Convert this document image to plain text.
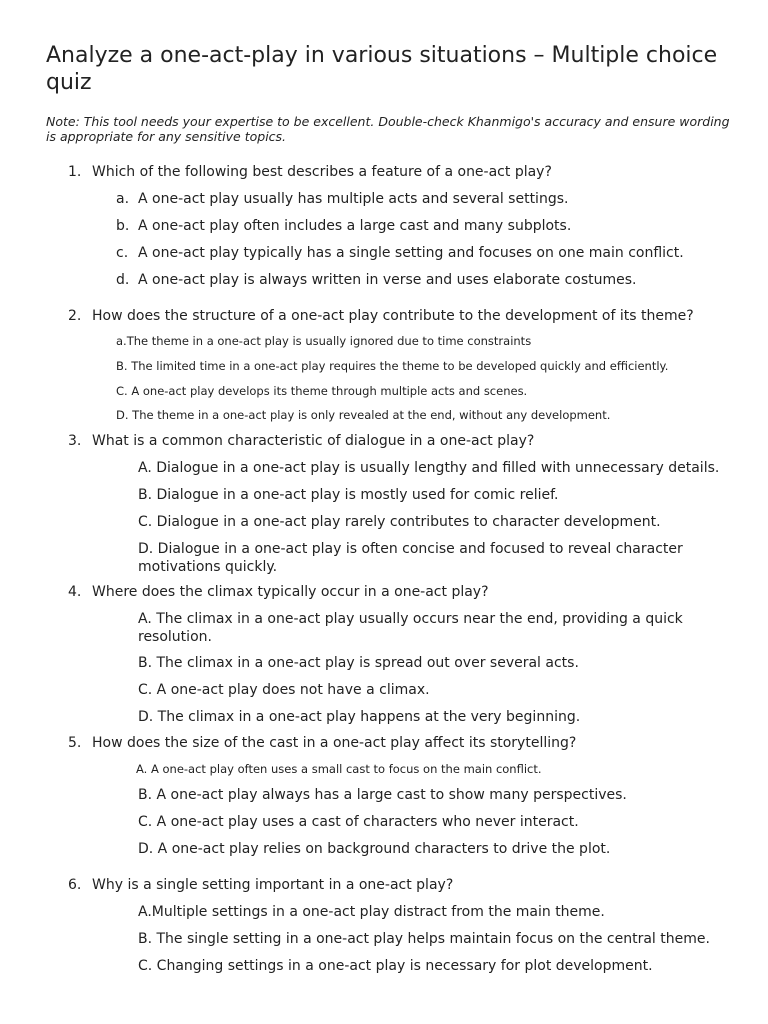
Analyze a one-act-play in various situations – Multiple choice quiz
Note: This tool needs your expertise to be excellent. Double-check Khanmigo's accuracy and ensure wording is appropriate for any sensitive topics.
1. Which of the following best describes a feature of a one-act play?
a. A one-act play usually has multiple acts and several settings.
b. A one-act play often includes a large cast and many subplots.
c. A one-act play typically has a single setting and focuses on one main conflict.
d. A one-act play is always written in verse and uses elaborate costumes.
2. How does the structure of a one-act play contribute to the development of its theme?
a.The theme in a one-act play is usually ignored due to time constraints
B. The limited time in a one-act play requires the theme to be developed quickly and efficiently.
C. A one-act play develops its theme through multiple acts and scenes.
D. The theme in a one-act play is only revealed at the end, without any development.
3. What is a common characteristic of dialogue in a one-act play?
A. Dialogue in a one-act play is usually lengthy and filled with unnecessary details.
B. Dialogue in a one-act play is mostly used for comic relief.
C. Dialogue in a one-act play rarely contributes to character development.
D. Dialogue in a one-act play is often concise and focused to reveal character motivations quickly.
4. Where does the climax typically occur in a one-act play?
A. The climax in a one-act play usually occurs near the end, providing a quick resolution.
B. The climax in a one-act play is spread out over several acts.
C. A one-act play does not have a climax.
D. The climax in a one-act play happens at the very beginning.
5. How does the size of the cast in a one-act play affect its storytelling?
A. A one-act play often uses a small cast to focus on the main conflict.
B. A one-act play always has a large cast to show many perspectives.
C. A one-act play uses a cast of characters who never interact.
D. A one-act play relies on background characters to drive the plot.
6. Why is a single setting important in a one-act play?
A.Multiple settings in a one-act play distract from the main theme.
B. The single setting in a one-act play helps maintain focus on the central theme.
C. Changing settings in a one-act play is necessary for plot development.
